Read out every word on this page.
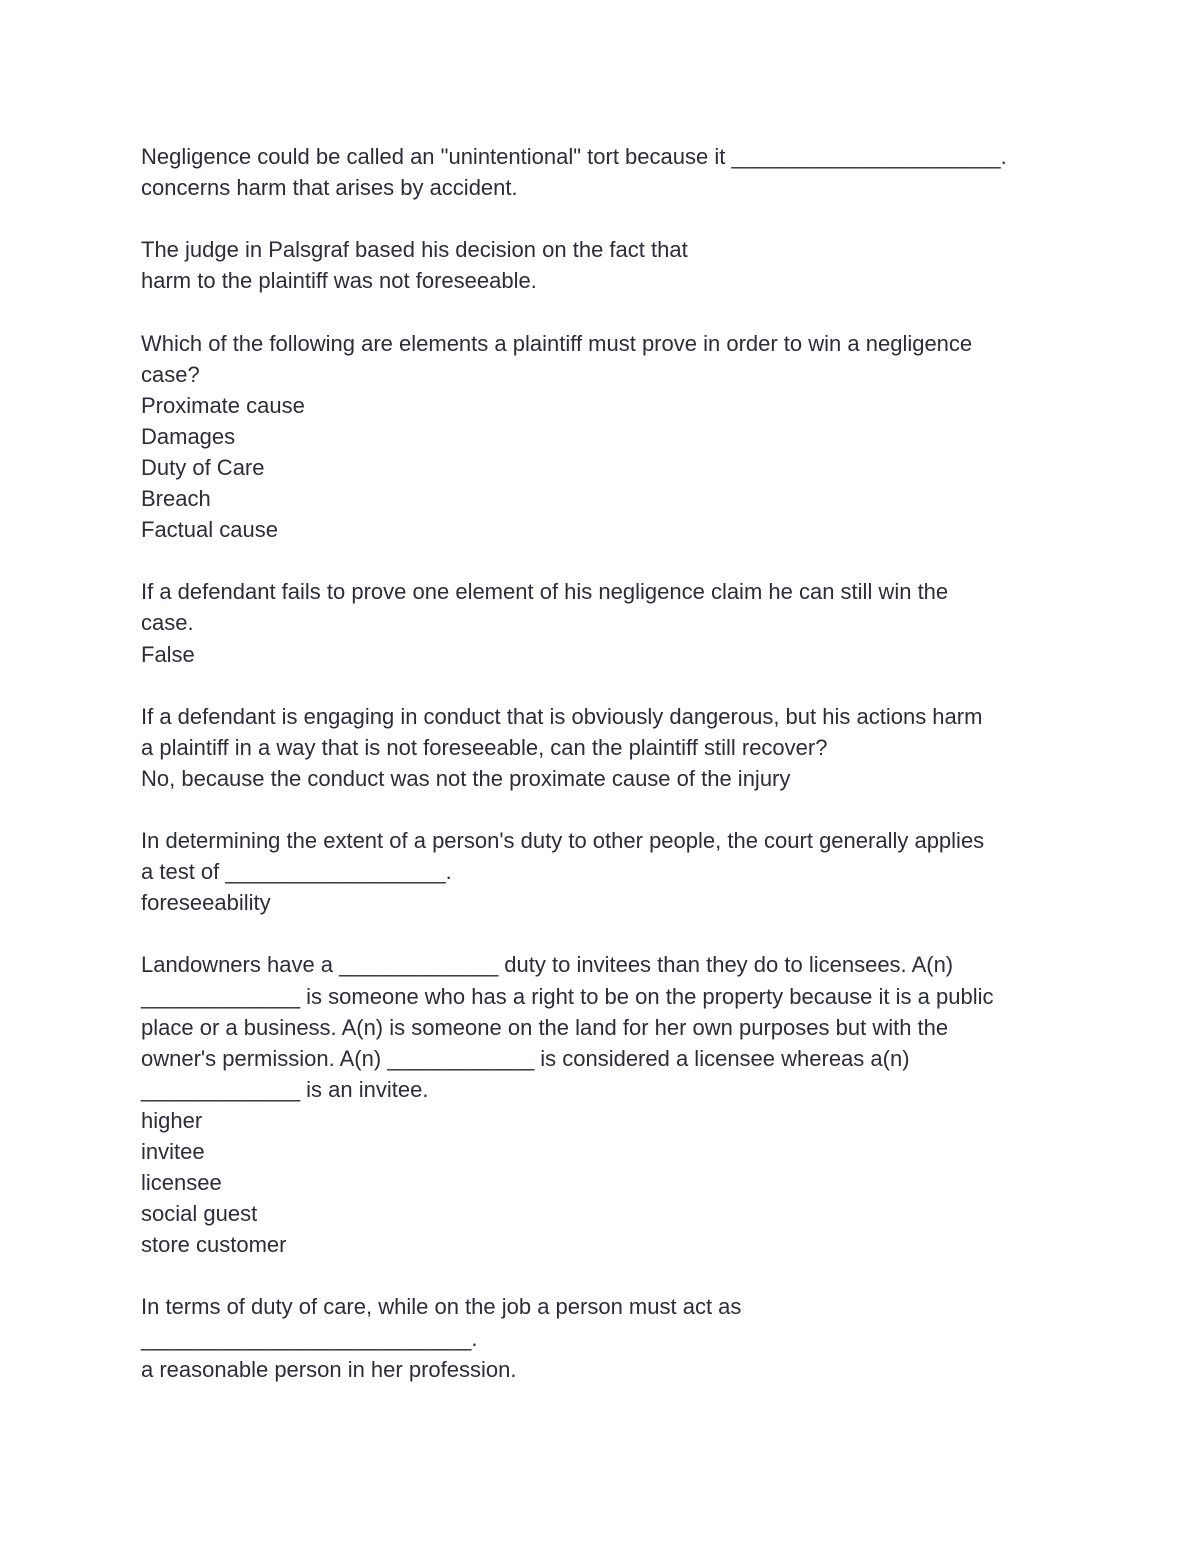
Negligence could be called an "unintentional" tort because it ______________________.
concerns harm that arises by accident.
The judge in Palsgraf based his decision on the fact that
harm to the plaintiff was not foreseeable.
Which of the following are elements a plaintiff must prove in order to win a negligence
case?
Proximate cause
Damages
Duty of Care
Breach
Factual cause
If a defendant fails to prove one element of his negligence claim he can still win the
case.
False
If a defendant is engaging in conduct that is obviously dangerous, but his actions harm
a plaintiff in a way that is not foreseeable, can the plaintiff still recover?
No, because the conduct was not the proximate cause of the injury
In determining the extent of a person's duty to other people, the court generally applies
a test of __________________.
foreseeability
Landowners have a _____________ duty to invitees than they do to licensees. A(n)
_____________ is someone who has a right to be on the property because it is a public
place or a business. A(n) is someone on the land for her own purposes but with the
owner's permission. A(n) ____________ is considered a licensee whereas a(n)
_____________ is an invitee.
higher
invitee
licensee
social guest
store customer
In terms of duty of care, while on the job a person must act as
___________________________.
a reasonable person in her profession.
